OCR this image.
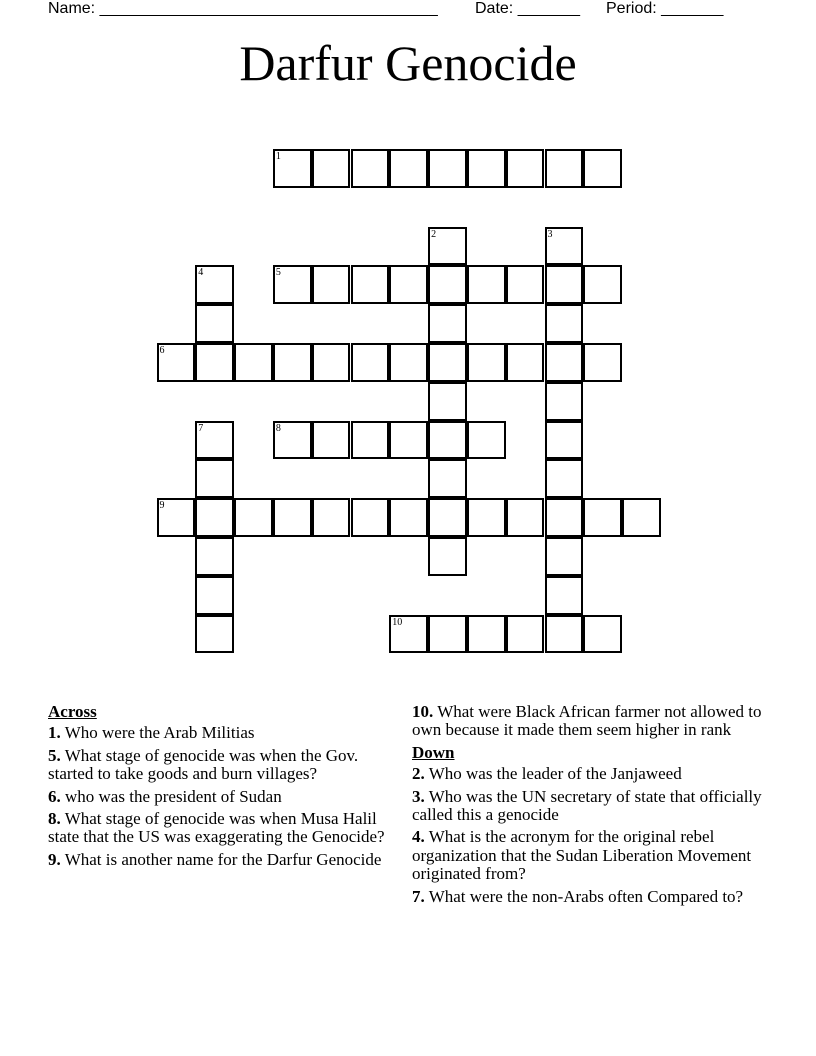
Name: ______________________________________ Date: _______ Period: _______
Darfur Genocide
1
5
6
8
9
10
2	3
4
7
Across
1. Who were the Arab Militias
5. What stage of genocide was when the Gov. started to take goods and burn villages?
6. who was the president of Sudan
8. What stage of genocide was when Musa Halil state that the US was exaggerating the Genocide?
9. What is another name for the Darfur Genocide
10. What were Black African farmer not allowed to own because it made them seem higher in rank
Down
2. Who was the leader of the Janjaweed
3. Who was the UN secretary of state that officially called this a genocide
4. What is the acronym for the original rebel organization that the Sudan Liberation Movement originated from?
7. What were the non-Arabs often Compared to?
